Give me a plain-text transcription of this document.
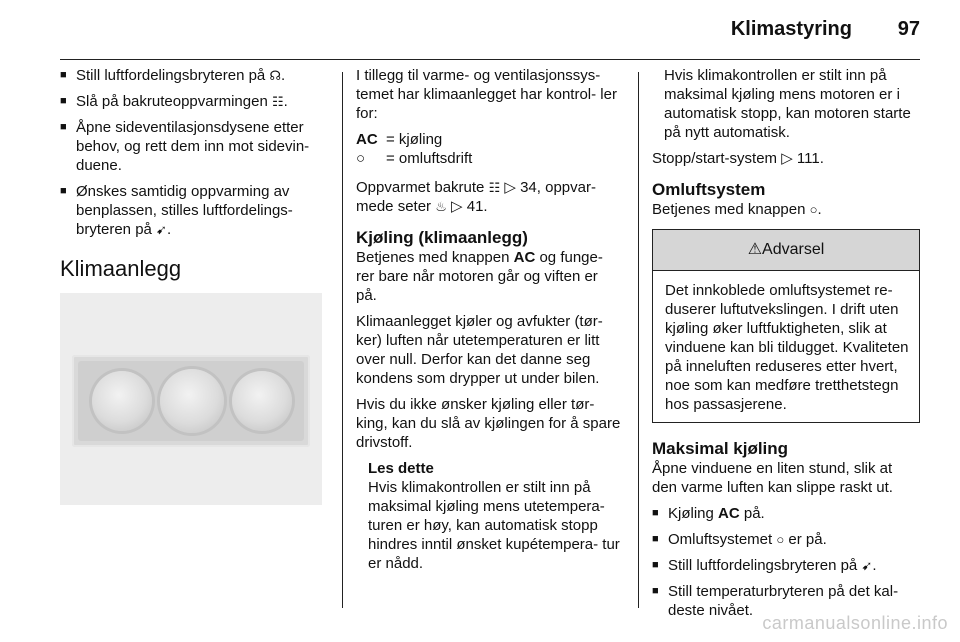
Klimastyring 97
■ Still luftfordelingsbryteren på ☊.
■ Slå på bakruteoppvarmingen ☷.
■ Åpne sideventilasjonsdysene etter behov, og rett dem inn mot sidevin- duene.
■ Ønskes samtidig oppvarming av benplassen, stilles luftfordelings- bryteren på ➹.
Klimaanlegg

I tillegg til varme- og ventilasjonssys- temet har klimaanlegget har kontrol- ler for:

AC = kjøling
○	= omluftsdrift

Oppvarmet bakrute ☷ ▷ 34, oppvar- mede seter ♨ ▷ 41.

Kjøling (klimaanlegg)

Betjenes med knappen AC og funge- rer bare når motoren går og viften er på.

Klimaanlegget kjøler og avfukter (tør- ker) luften når utetemperaturen er litt over null. Derfor kan det danne seg kondens som drypper ut under bilen.

Hvis du ikke ønsker kjøling eller tør- king, kan du slå av kjølingen for å spare drivstoff.

Les dette
Hvis klimakontrollen er stilt inn på maksimal kjøling mens utetempera- turen er høy, kan automatisk stopp hindres inntil ønsket kupétempera- tur er nådd.

Hvis klimakontrollen er stilt inn på maksimal kjøling mens motoren er i automatisk stopp, kan motoren starte på nytt automatisk.

Stopp/start-system ▷ 111.

Omluftsystem
Betjenes med knappen ○.
⚠Advarsel
Det innkoblede omluftsystemet re- duserer luftutvekslingen. I drift uten kjøling øker luftfuktigheten, slik at vinduene kan bli tildugget. Kvaliteten på inneluften reduseres etter hvert, noe som kan medføre tretthetstegn hos passasjerene.
Maksimal kjøling

Åpne vinduene en liten stund, slik at den varme luften kan slippe raskt ut.

■ Kjøling AC på.
■ Omluftsystemet ○ er på.
■ Still luftfordelingsbryteren på ➹.
■ Still temperaturbryteren på det kal- deste nivået.
carmanualsonline.info
